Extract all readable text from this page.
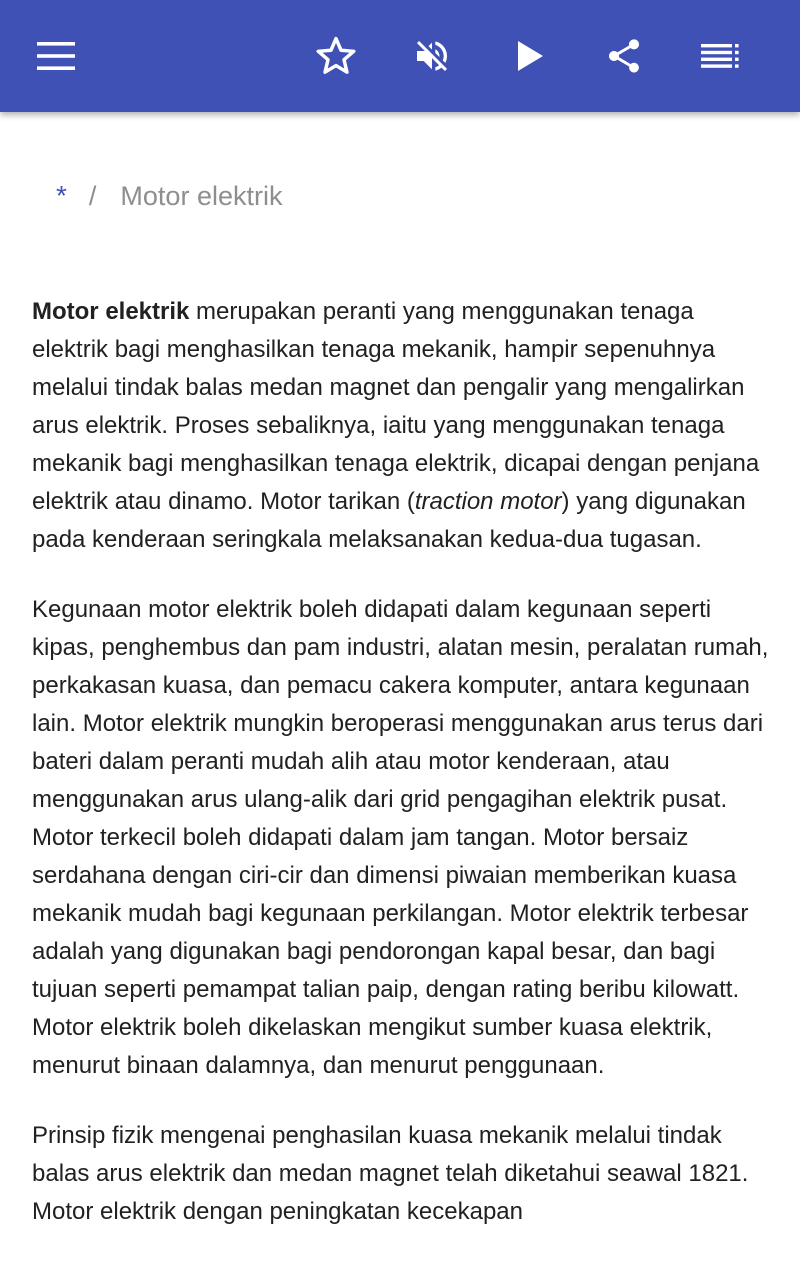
* / Motor elektrik

Motor elektrik merupakan peranti yang menggunakan tenaga elektrik bagi menghasilkan tenaga mekanik, hampir sepenuhnya melalui tindak balas medan magnet dan pengalir yang mengalirkan arus elektrik. Proses sebaliknya, iaitu yang menggunakan tenaga mekanik bagi menghasilkan tenaga elektrik, dicapai dengan penjana elektrik atau dinamo. Motor tarikan (traction motor) yang digunakan pada kenderaan seringkala melaksanakan kedua-dua tugasan.

Kegunaan motor elektrik boleh didapati dalam kegunaan seperti kipas, penghembus dan pam industri, alatan mesin, peralatan rumah, perkakasan kuasa, dan pemacu cakera komputer, antara kegunaan lain. Motor elektrik mungkin beroperasi menggunakan arus terus dari bateri dalam peranti mudah alih atau motor kenderaan, atau menggunakan arus ulang-alik dari grid pengagihan elektrik pusat. Motor terkecil boleh didapati dalam jam tangan. Motor bersaiz serdahana dengan ciri-cir dan dimensi piwaian memberikan kuasa mekanik mudah bagi kegunaan perkilangan. Motor elektrik terbesar adalah yang digunakan bagi pendorongan kapal besar, dan bagi tujuan seperti pemampat talian paip, dengan rating beribu kilowatt. Motor elektrik boleh dikelaskan mengikut sumber kuasa elektrik, menurut binaan dalamnya, dan menurut penggunaan.

Prinsip fizik mengenai penghasilan kuasa mekanik melalui tindak balas arus elektrik dan medan magnet telah diketahui seawal 1821. Motor elektrik dengan peningkatan kecekapan
